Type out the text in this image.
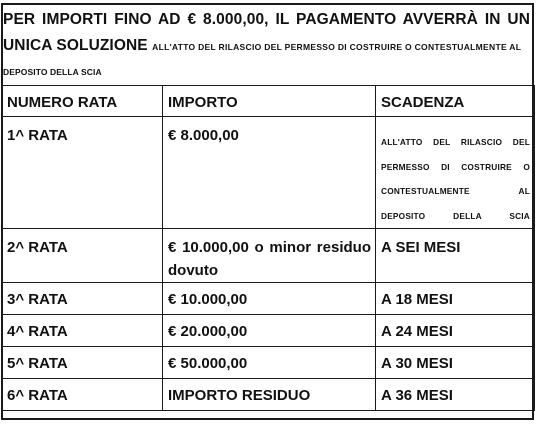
PER IMPORTI FINO AD € 8.000,00, IL PAGAMENTO AVVERRÀ IN UN UNICA SOLUZIONE ALL'ATTO DEL RILASCIO DEL PERMESSO DI COSTRUIRE O CONTESTUALMENTE AL
DEPOSITO DELLA SCIA
NUMERO RATA	IMPORTO	SCADENZA
1^ RATA	€ 8.000,00	ALL'ATTO DEL RILASCIO DEL PERMESSO DI COSTRUIRE O CONTESTUALMENTE AL DEPOSITO DELLA SCIA

2^ RATA	€ 10.000,00 o minor residuo dovuto	A SEI MESI
3^ RATA	€ 10.000,00	A 18 MESI
4^ RATA	€ 20.000,00	A 24 MESI
5^ RATA	€ 50.000,00	A 30 MESI
6^ RATA	IMPORTO RESIDUO	A 36 MESI
